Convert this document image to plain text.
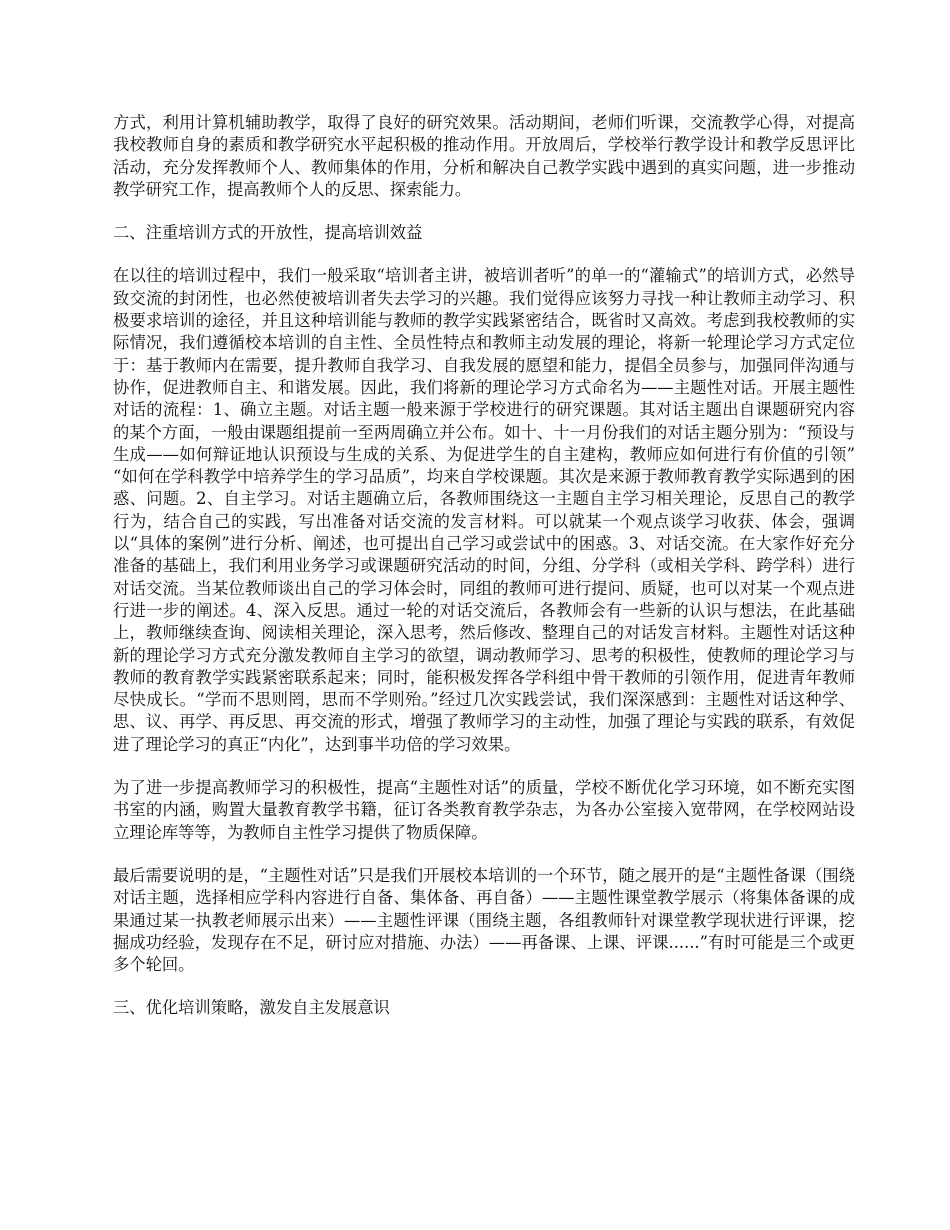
方式，利用计算机辅助教学，取得了良好的研究效果。活动期间，老师们听课，交流教学心得，对提高我校教师自身的素质和教学研究水平起积极的推动作用。开放周后，学校举行教学设计和教学反思评比活动，充分发挥教师个人、教师集体的作用，分析和解决自己教学实践中遇到的真实问题，进一步推动教学研究工作，提高教师个人的反思、探索能力。

二、注重培训方式的开放性，提高培训效益

在以往的培训过程中，我们一般采取“培训者主讲，被培训者听”的单一的“灌输式”的培训方式，必然导致交流的封闭性，也必然使被培训者失去学习的兴趣。我们觉得应该努力寻找一种让教师主动学习、积极要求培训的途径，并且这种培训能与教师的教学实践紧密结合，既省时又高效。考虑到我校教师的实际情况，我们遵循校本培训的自主性、全员性特点和教师主动发展的理论，将新一轮理论学习方式定位于：基于教师内在需要，提升教师自我学习、自我发展的愿望和能力，提倡全员参与，加强同伴沟通与协作，促进教师自主、和谐发展。因此，我们将新的理论学习方式命名为——主题性对话。开展主题性对话的流程：1、确立主题。对话主题一般来源于学校进行的研究课题。其对话主题出自课题研究内容的某个方面，一般由课题组提前一至两周确立并公布。如十、十一月份我们的对话主题分别为：“预设与生成——如何辩证地认识预设与生成的关系、为促进学生的自主建构，教师应如何进行有价值的引领” “如何在学科教学中培养学生的学习品质”，均来自学校课题。其次是来源于教师教育教学实际遇到的困惑、问题。2、自主学习。对话主题确立后，各教师围绕这一主题自主学习相关理论，反思自己的教学行为，结合自己的实践，写出准备对话交流的发言材料。可以就某一个观点谈学习收获、体会，强调以“具体的案例”进行分析、阐述，也可提出自己学习或尝试中的困惑。3、对话交流。在大家作好充分准备的基础上，我们利用业务学习或课题研究活动的时间，分组、分学科（或相关学科、跨学科）进行对话交流。当某位教师谈出自己的学习体会时，同组的教师可进行提问、质疑，也可以对某一个观点进行进一步的阐述。4、深入反思。通过一轮的对话交流后，各教师会有一些新的认识与想法，在此基础上，教师继续查询、阅读相关理论，深入思考，然后修改、整理自己的对话发言材料。主题性对话这种新的理论学习方式充分激发教师自主学习的欲望，调动教师学习、思考的积极性，使教师的理论学习与教师的教育教学实践紧密联系起来；同时，能积极发挥各学科组中骨干教师的引领作用，促进青年教师尽快成长。“学而不思则罔，思而不学则殆。”经过几次实践尝试，我们深深感到：主题性对话这种学、思、议、再学、再反思、再交流的形式，增强了教师学习的主动性，加强了理论与实践的联系，有效促进了理论学习的真正“内化”，达到事半功倍的学习效果。

为了进一步提高教师学习的积极性，提高“主题性对话”的质量，学校不断优化学习环境，如不断充实图书室的内涵，购置大量教育教学书籍，征订各类教育教学杂志，为各办公室接入宽带网，在学校网站设立理论库等等，为教师自主性学习提供了物质保障。

最后需要说明的是，“主题性对话”只是我们开展校本培训的一个环节，随之展开的是“主题性备课（围绕对话主题，选择相应学科内容进行自备、集体备、再自备）——主题性课堂教学展示（将集体备课的成果通过某一执教老师展示出来）——主题性评课（围绕主题，各组教师针对课堂教学现状进行评课，挖掘成功经验，发现存在不足，研讨应对措施、办法）——再备课、上课、评课......”有时可能是三个或更多个轮回。

三、优化培训策略，激发自主发展意识
